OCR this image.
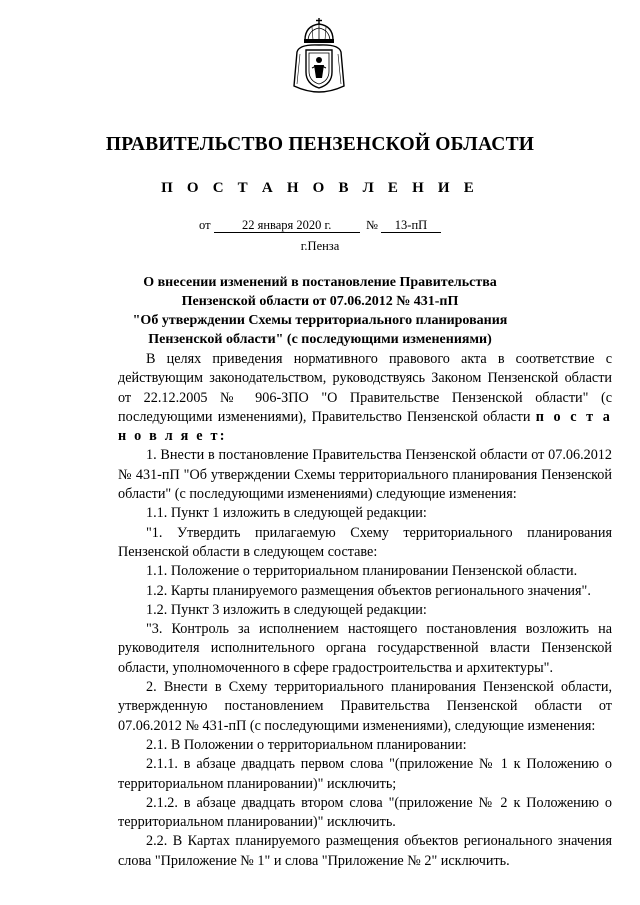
ПРАВИТЕЛЬСТВО ПЕНЗЕНСКОЙ ОБЛАСТИ
П О С Т А Н О В Л Е Н И Е
от	22 января 2020 г.	№ 13-пП
г.Пенза
О внесении изменений в постановление Правительства
Пензенской области от 07.06.2012 № 431-пП
"Об утверждении Схемы территориального планирования
Пензенской области" (с последующими изменениями)

В целях приведения нормативного правового акта в соответствие с действующим законодательством, руководствуясь Законом Пензенской области от 22.12.2005 № 906-ЗПО "О Правительстве Пензенской области" (с последующими изменениями), Правительство Пензенской области п о с т а н о в л я е т:

1. Внести в постановление Правительства Пензенской области от 07.06.2012 № 431-пП "Об утверждении Схемы территориального планирования Пензенской области" (с последующими изменениями) следующие изменения:

1.1. Пункт 1 изложить в следующей редакции:

"1. Утвердить прилагаемую Схему территориального планирования Пензенской области в следующем составе:

1.1. Положение о территориальном планировании Пензенской области.

1.2. Карты планируемого размещения объектов регионального значения".

1.2. Пункт 3 изложить в следующей редакции:

"3. Контроль за исполнением настоящего постановления возложить на руководителя исполнительного органа государственной власти Пензенской области, уполномоченного в сфере градостроительства и архитектуры".

2. Внести в Схему территориального планирования Пензенской области, утвержденную постановлением Правительства Пензенской области от 07.06.2012 № 431-пП (с последующими изменениями), следующие изменения:

2.1. В Положении о территориальном планировании:

2.1.1. в абзаце двадцать первом слова "(приложение № 1 к Положению о территориальном планировании)" исключить;

2.1.2. в абзаце двадцать втором слова "(приложение № 2 к Положению о территориальном планировании)" исключить.

2.2. В Картах планируемого размещения объектов регионального значения слова "Приложение № 1" и слова "Приложение № 2" исключить.
